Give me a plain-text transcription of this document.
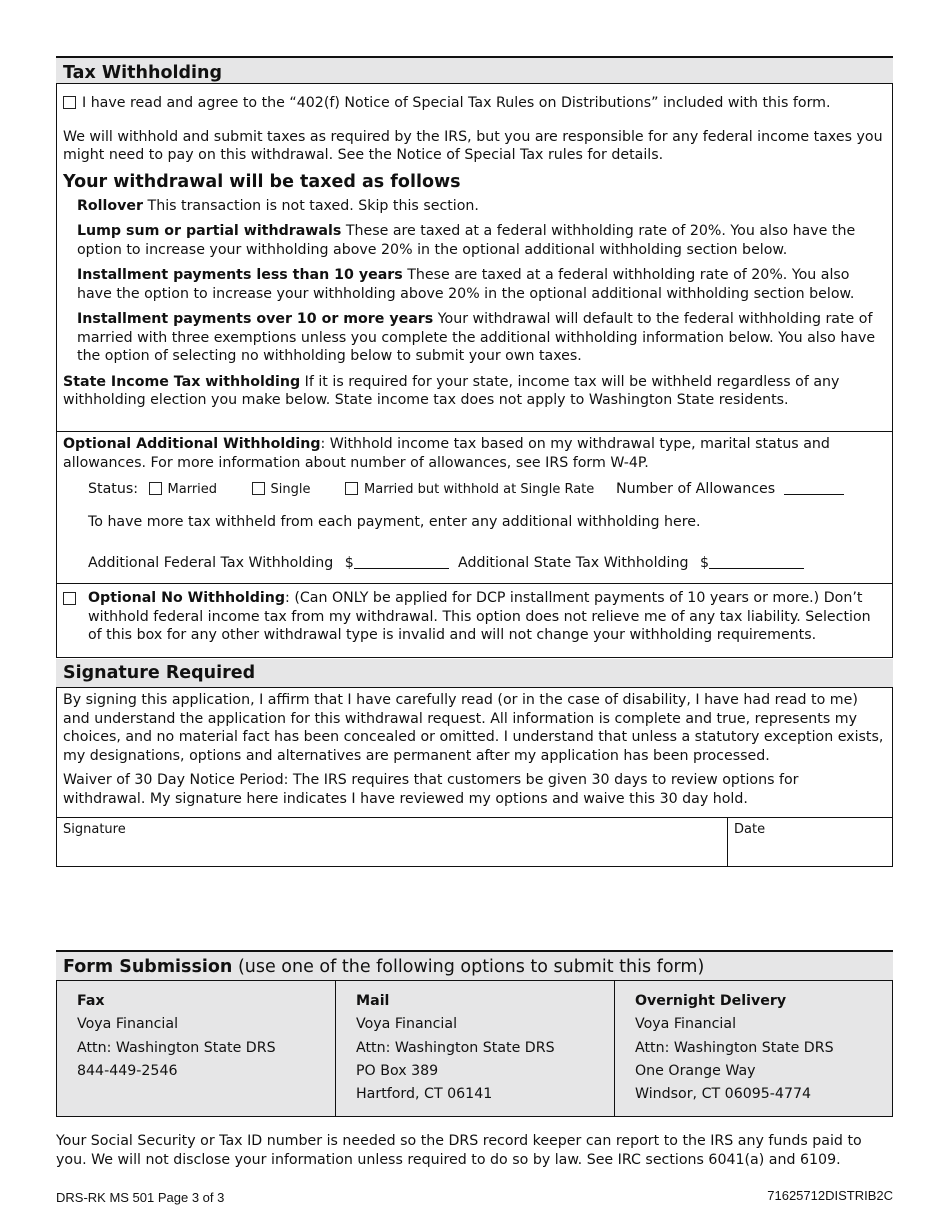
Tax Withholding
I have read and agree to the “402(f) Notice of Special Tax Rules on Distributions” included with this form.

We will withhold and submit taxes as required by the IRS, but you are responsible for any federal income taxes you might need to pay on this withdrawal. See the Notice of Special Tax rules for details.

Your withdrawal will be taxed as follows

Rollover This transaction is not taxed. Skip this section.

Lump sum or partial withdrawals These are taxed at a federal withholding rate of 20%. You also have the option to increase your withholding above 20% in the optional additional withholding section below.

Installment payments less than 10 years These are taxed at a federal withholding rate of 20%. You also have the option to increase your withholding above 20% in the optional additional withholding section below.

Installment payments over 10 or more years Your withdrawal will default to the federal withholding rate of married with three exemptions unless you complete the additional withholding information below. You also have the option of selecting no withholding below to submit your own taxes.

State Income Tax withholding If it is required for your state, income tax will be withheld regardless of any withholding election you make below. State income tax does not apply to Washington State residents.

Optional Additional Withholding: Withhold income tax based on my withdrawal type, marital status and allowances. For more information about number of allowances, see IRS form W-4P.

Status: Married	Single	Married but withhold at Single Rate Number of Allowances
To have more tax withheld from each payment, enter any additional withholding here.
Additional Federal Tax Withholding $	Additional State Tax Withholding $

Optional No Withholding: (Can ONLY be applied for DCP installment payments of 10 years or more.) Don’t withhold federal income tax from my withdrawal. This option does not relieve me of any tax liability. Selection of this box for any other withdrawal type is invalid and will not change your withholding requirements.

Signature Required

By signing this application, I affirm that I have carefully read (or in the case of disability, I have had read to me) and understand the application for this withdrawal request. All information is complete and true, represents my choices, and no material fact has been concealed or omitted. I understand that unless a statutory exception exists, my designations, options and alternatives are permanent after my application has been processed.

Waiver of 30 Day Notice Period: The IRS requires that customers be given 30 days to review options for withdrawal. My signature here indicates I have reviewed my options and waive this 30 day hold.

Signature	Date
Form Submission (use one of the following options to submit this form)
Fax
Voya Financial
Attn: Washington State DRS
844-449-2546
Mail
Voya Financial
Attn: Washington State DRS
PO Box 389
Hartford, CT 06141
Overnight Delivery
Voya Financial
Attn: Washington State DRS
One Orange Way
Windsor, CT 06095-4774

Your Social Security or Tax ID number is needed so the DRS record keeper can report to the IRS any funds paid to you. We will not disclose your information unless required to do so by law. See IRC sections 6041(a) and 6109.

DRS-RK MS 501 Page 3 of 3	71625712DISTRIB2C
